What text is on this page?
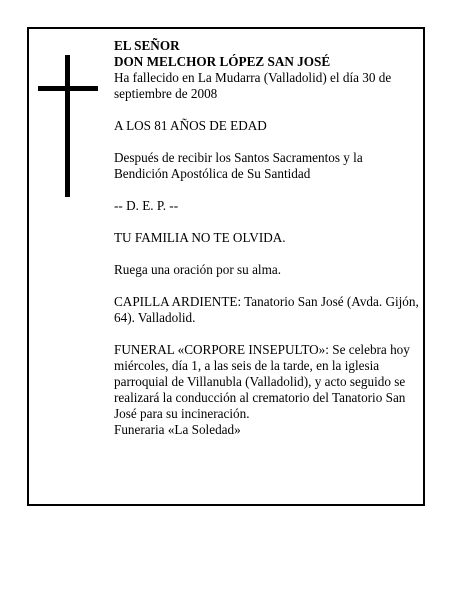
EL SEÑOR

DON MELCHOR LÓPEZ SAN JOSÉ

Ha fallecido en La Mudarra (Valladolid) el día 30 de septiembre de 2008

A LOS 81 AÑOS DE EDAD

Después de recibir los Santos Sacramentos y la Bendición Apostólica de Su Santidad

-- D. E. P. --

TU FAMILIA NO TE OLVIDA.

Ruega una oración por su alma.

CAPILLA ARDIENTE: Tanatorio San José (Avda. Gijón, 64). Valladolid.

FUNERAL «CORPORE INSEPULTO»: Se celebra hoy miércoles, día 1, a las seis de la tarde, en la iglesia parroquial de Villanubla (Valladolid), y acto seguido se realizará la conducción al crematorio del Tanatorio San José para su incineración.

Funeraria «La Soledad»
